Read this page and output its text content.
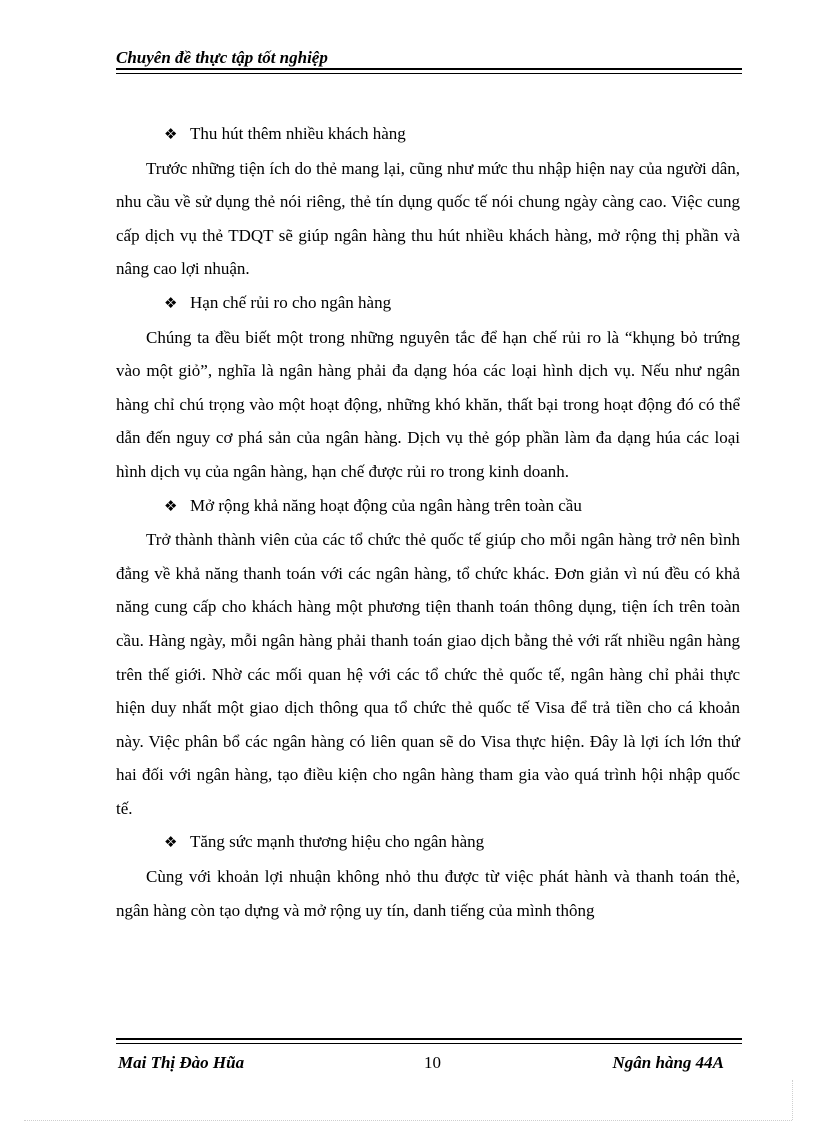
Chuyên đề thực tập tốt nghiệp
❖ Thu hút thêm nhiều khách hàng

Trước những tiện ích do thẻ mang lại, cũng như mức thu nhập hiện nay của người dân, nhu cầu về sử dụng thẻ nói riêng, thẻ tín dụng quốc tế nói chung ngày càng cao. Việc cung cấp dịch vụ thẻ TDQT sẽ giúp ngân hàng thu hút nhiều khách hàng, mở rộng thị phần và nâng cao lợi nhuận.

❖ Hạn chế rủi ro cho ngân hàng

Chúng ta đều biết một trong những nguyên tắc để hạn chế rủi ro là “khụng bỏ trứng vào một giỏ”, nghĩa là ngân hàng phải đa dạng hóa các loại hình dịch vụ. Nếu như ngân hàng chỉ chú trọng vào một hoạt động, những khó khăn, thất bại trong hoạt động đó có thể dẫn đến nguy cơ phá sản của ngân hàng. Dịch vụ thẻ góp phần làm đa dạng húa các loại hình dịch vụ của ngân hàng, hạn chế được rủi ro trong kinh doanh.

❖ Mở rộng khả năng hoạt động của ngân hàng trên toàn cầu

Trở thành thành viên của các tổ chức thẻ quốc tế giúp cho mỗi ngân hàng trở nên bình đẳng về khả năng thanh toán với các ngân hàng, tổ chức khác. Đơn giản vì nú đều có khả năng cung cấp cho khách hàng một phương tiện thanh toán thông dụng, tiện ích trên toàn cầu. Hàng ngày, mỗi ngân hàng phải thanh toán giao dịch bằng thẻ với rất nhiều ngân hàng trên thế giới. Nhờ các mối quan hệ với các tổ chức thẻ quốc tế, ngân hàng chỉ phải thực hiện duy nhất một giao dịch thông qua tổ chức thẻ quốc tế Visa để trả tiền cho cá khoản này. Việc phân bổ các ngân hàng có liên quan sẽ do Visa thực hiện. Đây là lợi ích lớn thứ hai đối với ngân hàng, tạo điều kiện cho ngân hàng tham gia vào quá trình hội nhập quốc tế.

❖ Tăng sức mạnh thương hiệu cho ngân hàng

Cùng với khoản lợi nhuận không nhỏ thu được từ việc phát hành và thanh toán thẻ, ngân hàng còn tạo dựng và mở rộng uy tín, danh tiếng của mình thông

Mai Thị Đào Hũa	10	Ngân hàng 44A
